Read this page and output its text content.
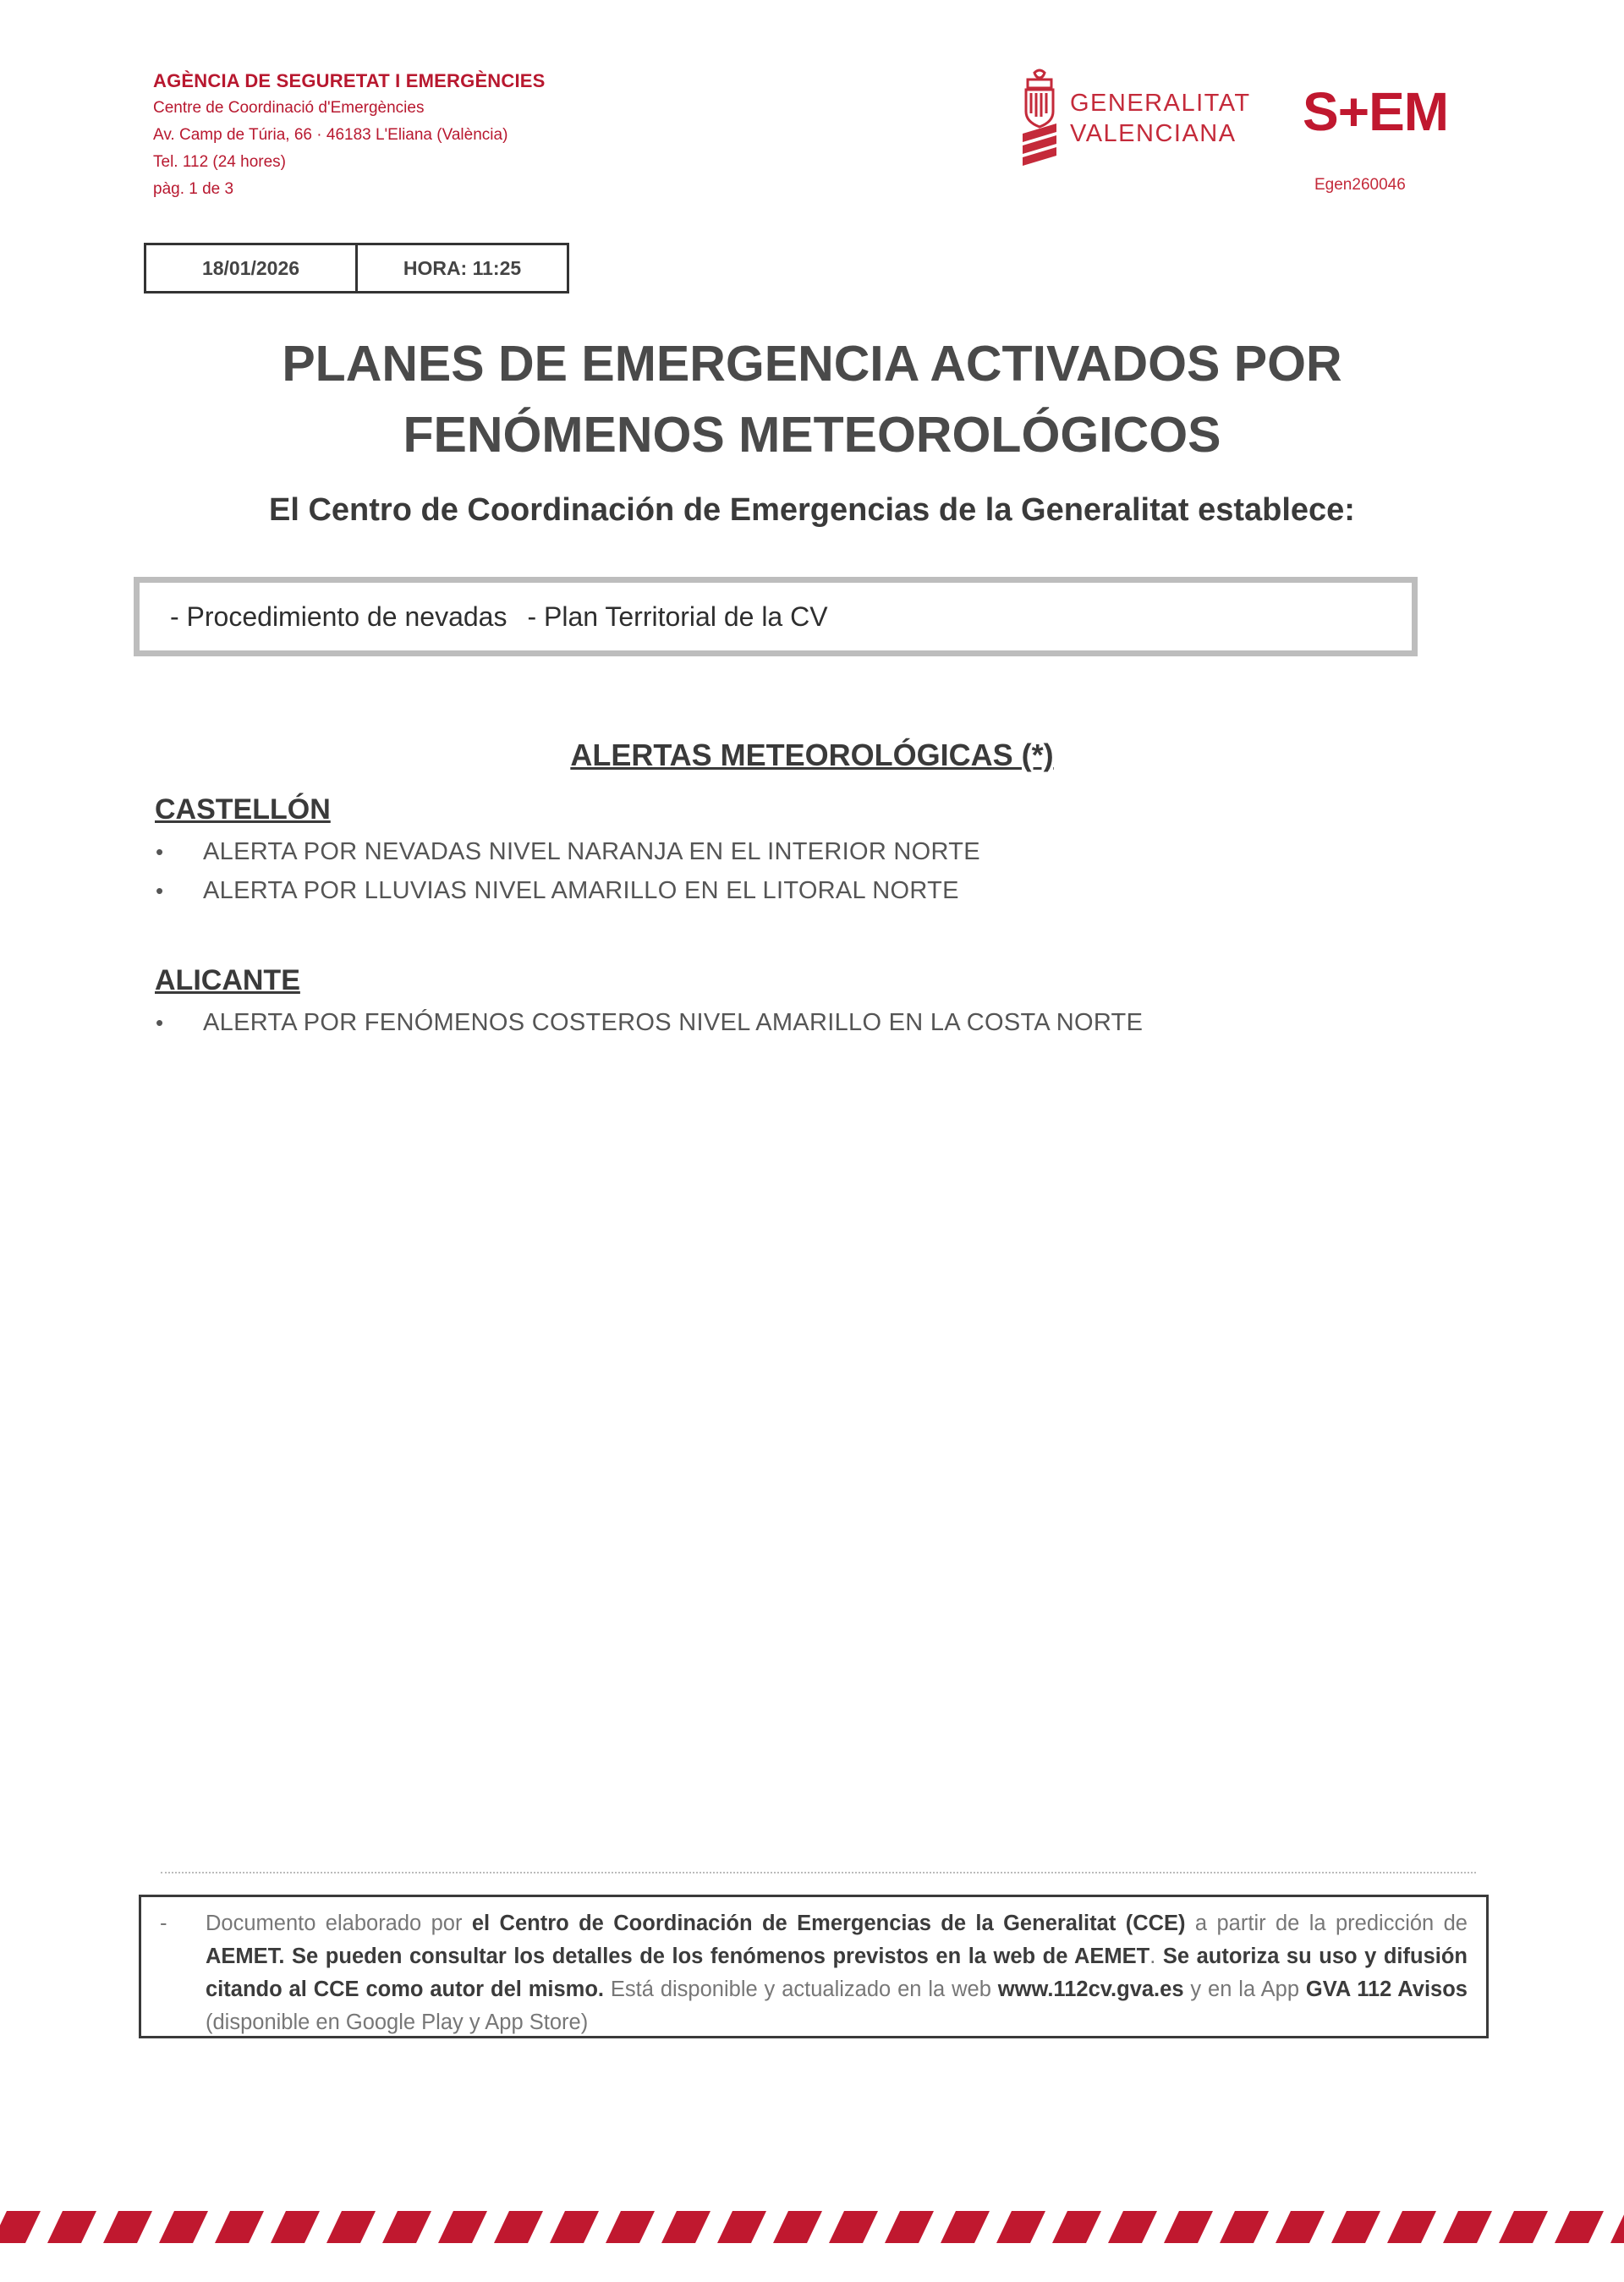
AGÈNCIA DE SEGURETAT I EMERGÈNCIES
Centre de Coordinació d'Emergències
Av. Camp de Túria, 66 · 46183 L'Eliana (València)
Tel. 112 (24 hores)
pàg. 1 de 3
GENERALITAT
VALENCIANA S+EM
Egen260046
18/01/2026	HORA: 11:25
PLANES DE EMERGENCIA ACTIVADOS POR
FENÓMENOS METEOROLÓGICOS
El Centro de Coordinación de Emergencias de la Generalitat establece:
- Procedimiento de nevadas - Plan Territorial de la CV
ALERTAS METEOROLÓGICAS (*)
CASTELLÓN
• ALERTA POR NEVADAS NIVEL NARANJA EN EL INTERIOR NORTE
• ALERTA POR LLUVIAS NIVEL AMARILLO EN EL LITORAL NORTE
ALICANTE
• ALERTA POR FENÓMENOS COSTEROS NIVEL AMARILLO EN LA COSTA NORTE
- Documento elaborado por el Centro de Coordinación de Emergencias de la Generalitat (CCE) a partir de la predicción de AEMET. Se pueden consultar los detalles de los fenómenos previstos en la web de AEMET. Se autoriza su uso y difusión citando al CCE como autor del mismo. Está disponible y actualizado en la web www.112cv.gva.es y en la App GVA 112 Avisos (disponible en Google Play y App Store)
